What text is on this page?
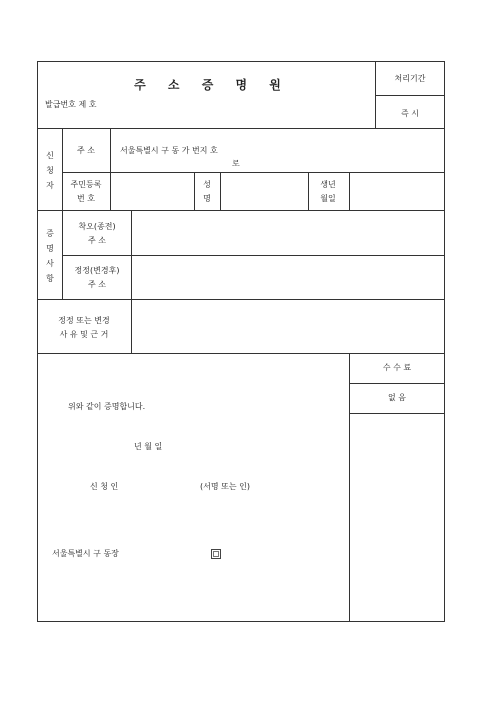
주 소 증 명 원
발급번호 제 호
처리기간
즉 시
신
청
자
주 소	서울특별시 구 동 가 번지 호
로
주민등록
번 호
성
명
생년
월일
증
명
사
항
착오(종전)
주 소
정정(변경후)
주 소
정정 또는 변경
사 유 및 근 거
수 수 료
없 음
위와 같이 증명합니다.
년 월 일
신 청 인	(서명 또는 인)
서울특별시 구 동장
